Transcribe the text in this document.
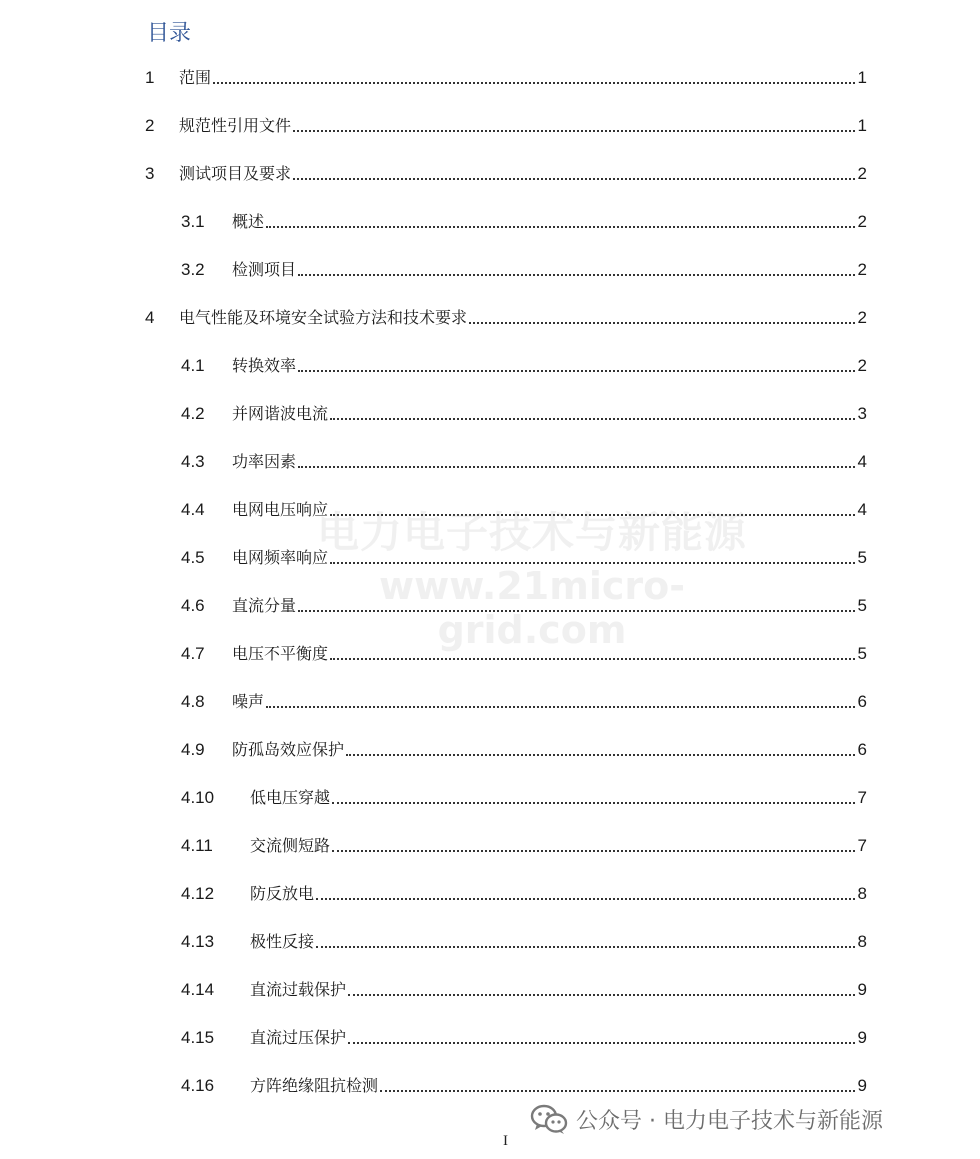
目录
1	范围	1
2	规范性引用文件	1
3	测试项目及要求	2
3.1	概述	2
3.2	检测项目	2
4	电气性能及环境安全试验方法和技术要求	2
4.1	转换效率	2
4.2	并网谐波电流	3
4.3	功率因素	4
4.4	电网电压响应	4
4.5	电网频率响应	5
4.6	直流分量	5
4.7	电压不平衡度	5
4.8	噪声	6
4.9	防孤岛效应保护	6
4.10	低电压穿越	7
4.11	交流侧短路	7
4.12	防反放电	8
4.13	极性反接	8
4.14	直流过载保护	9
4.15	直流过压保护	9
4.16	方阵绝缘阻抗检测	9
电力电子技术与新能源
www.21micro-grid.com
公众号 · 电力电子技术与新能源
I
